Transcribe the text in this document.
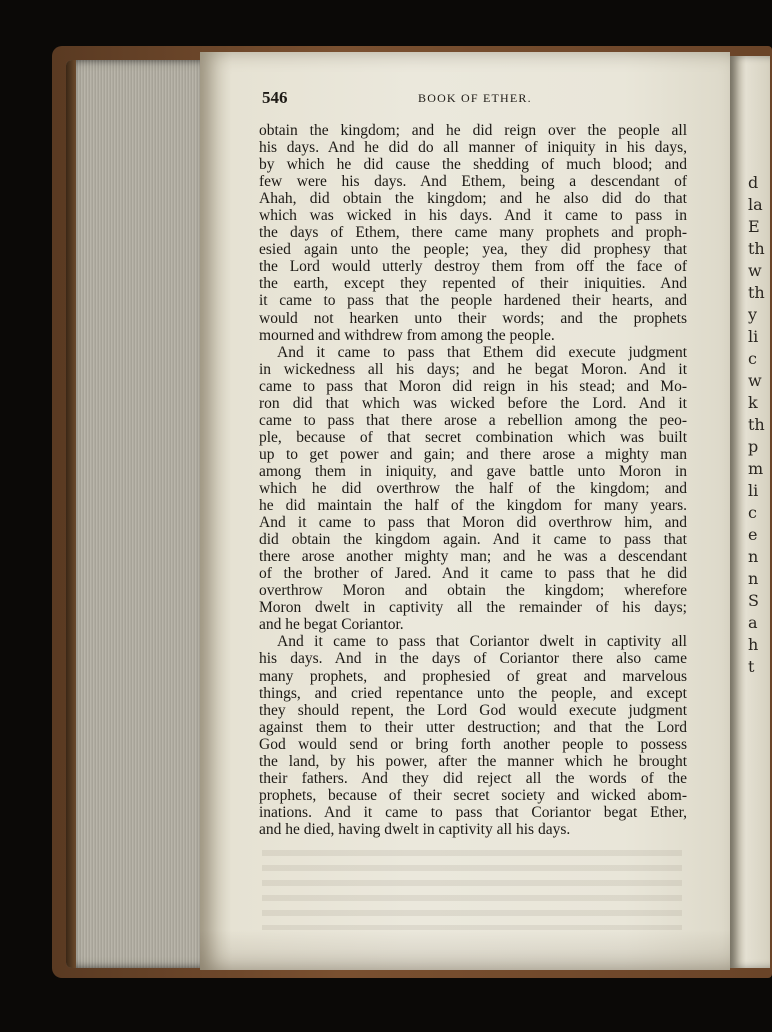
d
la
E
th
w
th
y
li
c
w
k
th
p
m
li
c
e
n
n
S
a
h
t
546	BOOK OF ETHER.
obtain the kingdom; and he did reign over the people all
his days. And he did do all manner of iniquity in his days,
by which he did cause the shedding of much blood; and
few were his days. And Ethem, being a descendant of
Ahah, did obtain the kingdom; and he also did do that
which was wicked in his days. And it came to pass in
the days of Ethem, there came many prophets and proph-
esied again unto the people; yea, they did prophesy that
the Lord would utterly destroy them from off the face of
the earth, except they repented of their iniquities. And
it came to pass that the people hardened their hearts, and
would not hearken unto their words; and the prophets
mourned and withdrew from among the people.
And it came to pass that Ethem did execute judgment
in wickedness all his days; and he begat Moron. And it
came to pass that Moron did reign in his stead; and Mo-
ron did that which was wicked before the Lord. And it
came to pass that there arose a rebellion among the peo-
ple, because of that secret combination which was built
up to get power and gain; and there arose a mighty man
among them in iniquity, and gave battle unto Moron in
which he did overthrow the half of the kingdom; and
he did maintain the half of the kingdom for many years.
And it came to pass that Moron did overthrow him, and
did obtain the kingdom again. And it came to pass that
there arose another mighty man; and he was a descendant
of the brother of Jared. And it came to pass that he did
overthrow Moron and obtain the kingdom; wherefore
Moron dwelt in captivity all the remainder of his days;
and he begat Coriantor.
And it came to pass that Coriantor dwelt in captivity all
his days. And in the days of Coriantor there also came
many prophets, and prophesied of great and marvelous
things, and cried repentance unto the people, and except
they should repent, the Lord God would execute judgment
against them to their utter destruction; and that the Lord
God would send or bring forth another people to possess
the land, by his power, after the manner which he brought
their fathers. And they did reject all the words of the
prophets, because of their secret society and wicked abom-
inations. And it came to pass that Coriantor begat Ether,
and he died, having dwelt in captivity all his days.
